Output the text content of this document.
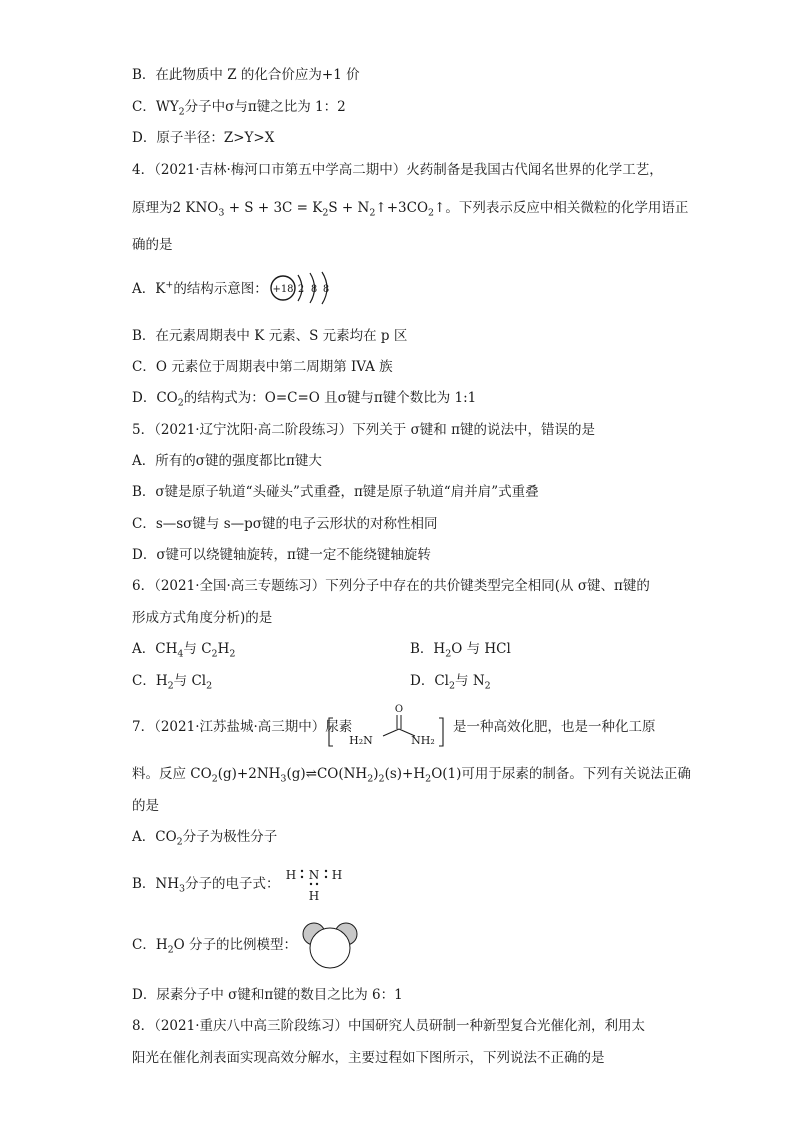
B．在此物质中 Z 的化合价应为+1 价
C．$WY_2$分子中σ与π键之比为 1：2
D．原子半径：Z>Y>X
4．（2021·吉林·梅河口市第五中学高二期中）火药制备是我国古代闻名世界的化学工艺，
原理为2 $KNO_3 + S + 3C = K_2S$ + $N_2↑+3CO_2↑$。下列表示反应中相关微粒的化学用语正
确的是
A．K+的结构示意图： +18 2 8 8
B．在元素周期表中 K 元素、S 元素均在 p 区
C．O 元素位于周期表中第二周期第 IVA 族
D．$CO_2$的结构式为：O=C=O 且σ键与π键个数比为 1:1
5．（2021·辽宁沈阳·高二阶段练习）下列关于 σ键和 π键的说法中，错误的是
A．所有的σ键的强度都比π键大
B．σ键是原子轨道“头碰头”式重叠，π键是原子轨道“肩并肩”式重叠
C．s—sσ键与 s—pσ键的电子云形状的对称性相同
D．σ键可以绕键轴旋转，π键一定不能绕键轴旋转
6．（2021·全国·高三专题练习）下列分子中存在的共价键类型完全相同(从 σ键、π键的
形成方式角度分析)的是
A．$CH_4$与 $C_2H_2$	B．$H_2O$ 与 HCl
C．$H_2$与 $Cl_2$	D．$Cl_2$与 $N_2$
7．（2021·江苏盐城·高三期中）尿素
O
H₂N	NH₂
是一种高效化肥，也是一种化工原
料。反应 $CO_2(g)+2NH_3(g)\rightleftharpoons CO(NH_2)_2(s)+H_2O(1)$可用于尿素的制备。下列有关说法正确
的是
A．$CO_2$分子为极性分子
B．$NH_3$分子的电子式：
H N H
H
C．$H_2O$ 分子的比例模型：
D．尿素分子中 σ键和π键的数目之比为 6：1
8．（2021·重庆八中高三阶段练习）中国研究人员研制一种新型复合光催化剂，利用太
阳光在催化剂表面实现高效分解水，主要过程如下图所示，下列说法不正确的是
